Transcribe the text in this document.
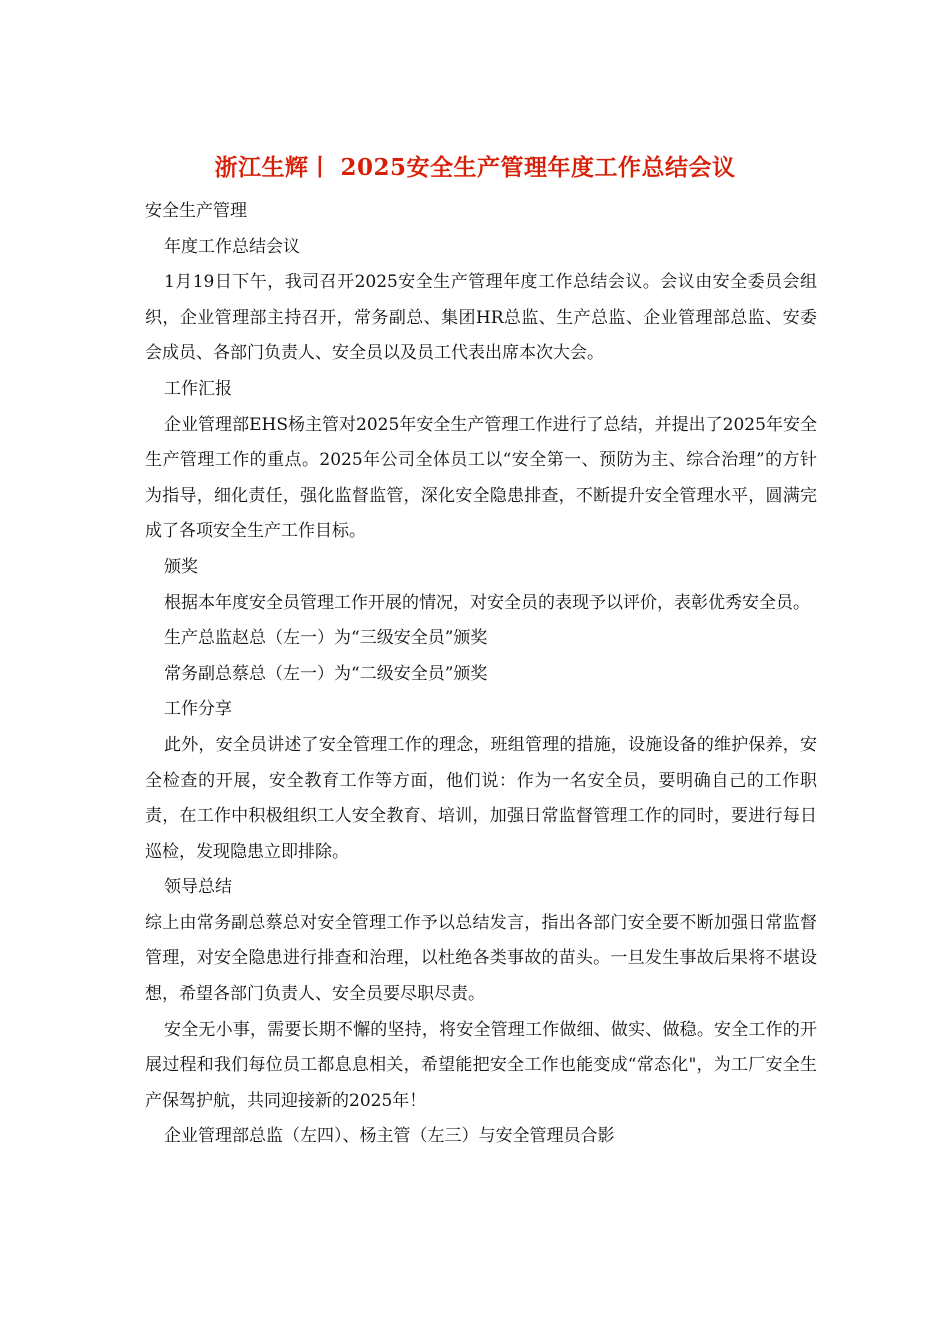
浙江生辉丨 2025安全生产管理年度工作总结会议

安全生产管理

年度工作总结会议

1月19日下午，我司召开2025安全生产管理年度工作总结会议。会议由安全委员会组织，企业管理部主持召开，常务副总、集团HR总监、生产总监、企业管理部总监、安委会成员、各部门负责人、安全员以及员工代表出席本次大会。

工作汇报

企业管理部EHS杨主管对2025年安全生产管理工作进行了总结，并提出了2025年安全生产管理工作的重点。2025年公司全体员工以“安全第一、预防为主、综合治理”的方针为指导，细化责任，强化监督监管，深化安全隐患排查，不断提升安全管理水平，圆满完成了各项安全生产工作目标。

颁奖

根据本年度安全员管理工作开展的情况，对安全员的表现予以评价，表彰优秀安全员。

生产总监赵总（左一）为“三级安全员”颁奖

常务副总蔡总（左一）为“二级安全员”颁奖

工作分享

此外，安全员讲述了安全管理工作的理念，班组管理的措施，设施设备的维护保养，安全检查的开展，安全教育工作等方面，他们说：作为一名安全员，要明确自己的工作职责，在工作中积极组织工人安全教育、培训，加强日常监督管理工作的同时，要进行每日巡检，发现隐患立即排除。

领导总结

综上由常务副总蔡总对安全管理工作予以总结发言，指出各部门安全要不断加强日常监督管理，对安全隐患进行排查和治理，以杜绝各类事故的苗头。一旦发生事故后果将不堪设想，希望各部门负责人、安全员要尽职尽责。

安全无小事，需要长期不懈的坚持，将安全管理工作做细、做实、做稳。安全工作的开展过程和我们每位员工都息息相关，希望能把安全工作也能变成“常态化"，为工厂安全生产保驾护航，共同迎接新的2025年！

企业管理部总监（左四）、杨主管（左三）与安全管理员合影
